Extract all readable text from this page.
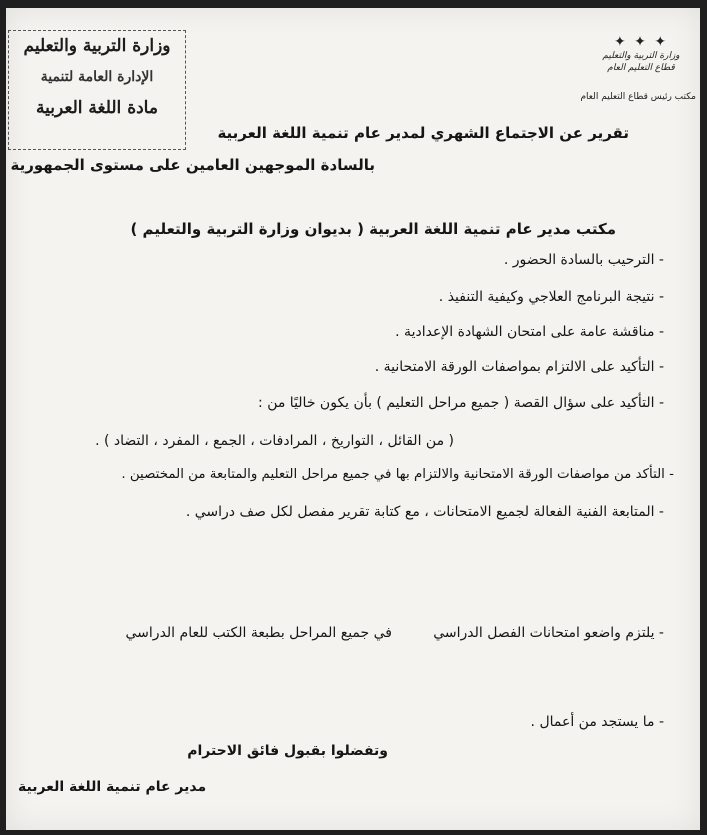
وزارة التربية والتعليم
الإدارة العامة لتنمية
مادة اللغة العربية
✦ ✦ ✦
وزارة التربية والتعليم
قطاع التعليم العام
مكتب رئيس قطاع التعليم العام
تقرير عن الاجتماع الشهري لمدير عام تنمية اللغة العربية
بالسادة الموجهين العامين على مستوى الجمهورية
مكتب مدير عام تنمية اللغة العربية ( بديوان وزارة التربية والتعليم )
- الترحيب بالسادة الحضور .
- نتيجة البرنامج العلاجي وكيفية التنفيذ .
- مناقشة عامة على امتحان الشهادة الإعدادية .
- التأكيد على الالتزام بمواصفات الورقة الامتحانية .
- التأكيد على سؤال القصة ( جميع مراحل التعليم ) بأن يكون خاليًا من :
( من القائل ، التواريخ ، المرادفات ، الجمع ، المفرد ، التضاد ) .
- التأكد من مواصفات الورقة الامتحانية والالتزام بها في جميع مراحل التعليم والمتابعة من المختصين .
- المتابعة الفنية الفعالة لجميع الامتحانات ، مع كتابة تقرير مفصل لكل صف دراسي .
- يلتزم واضعو امتحانات الفصل الدراسي
في جميع المراحل بطبعة الكتب للعام الدراسي
- ما يستجد من أعمال .
وتفضلوا بقبول فائق الاحترام
مدير عام تنمية اللغة العربية
